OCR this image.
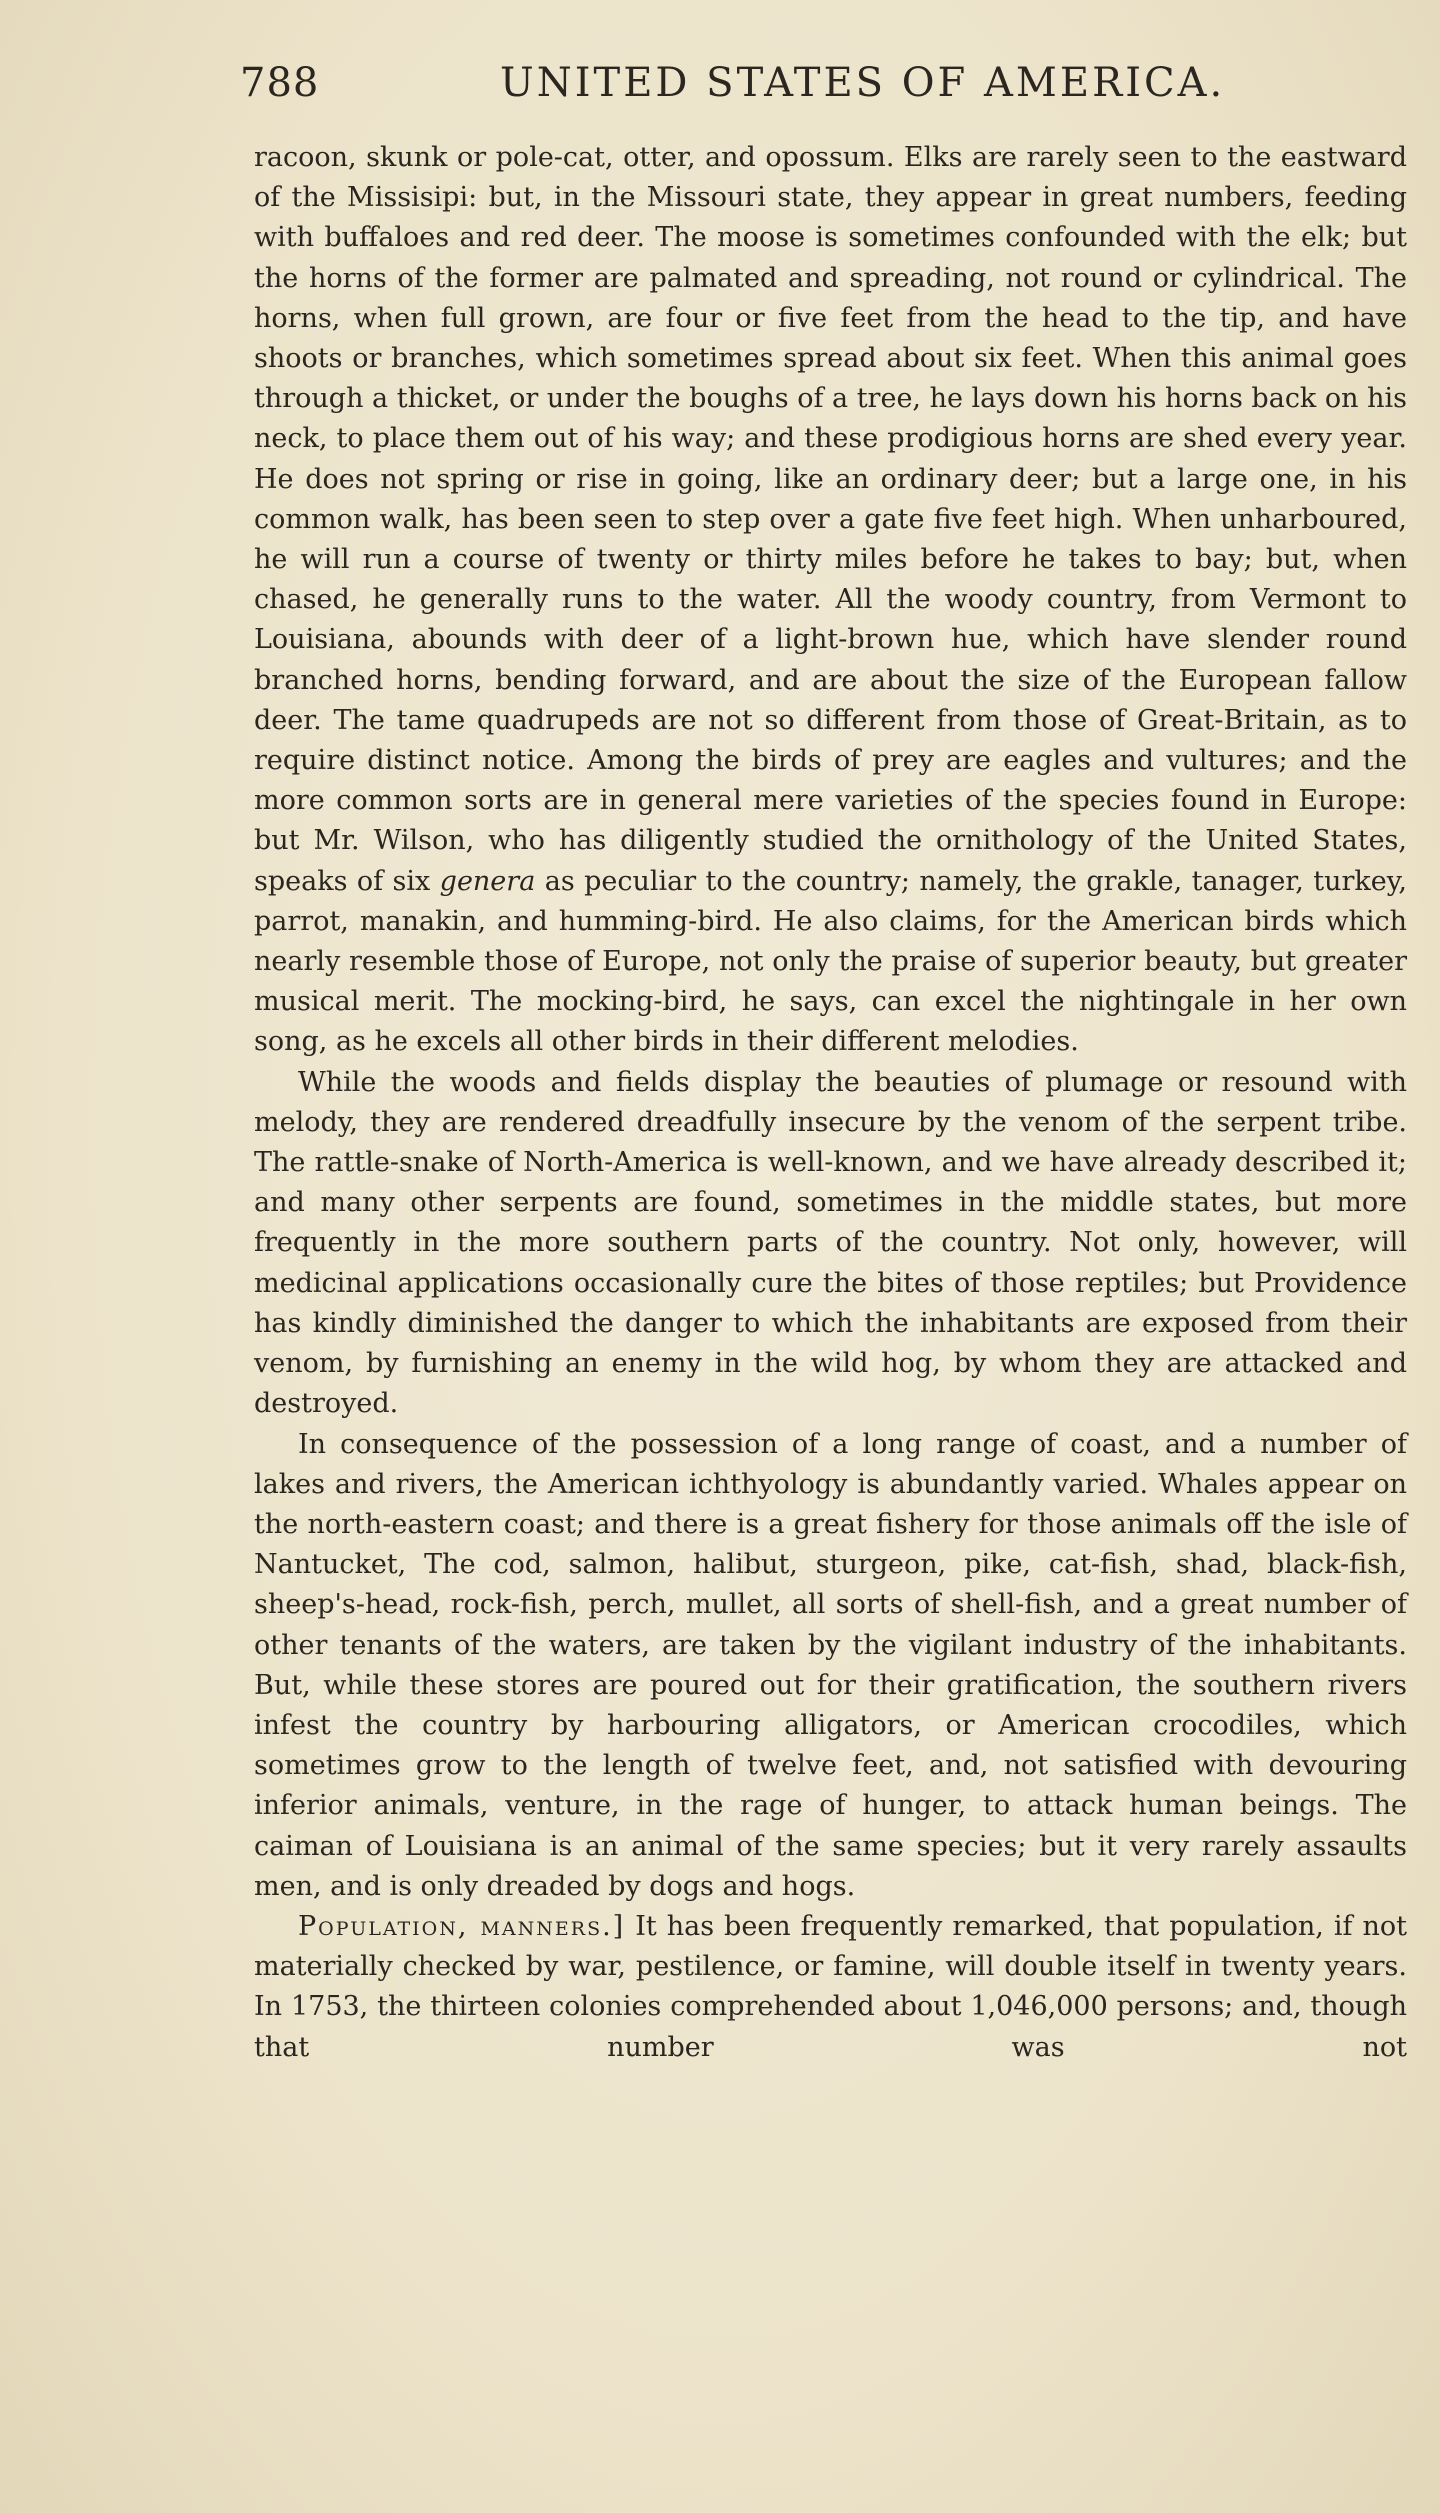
788	UNITED STATES OF AMERICA.

racoon, skunk or pole-cat, otter, and opossum. Elks are rarely seen to the eastward of the Missisipi: but, in the Missouri state, they appear in great numbers, feeding with buffaloes and red deer. The moose is sometimes confounded with the elk; but the horns of the former are palmated and spreading, not round or cylindrical. The horns, when full grown, are four or five feet from the head to the tip, and have shoots or branches, which sometimes spread about six feet. When this animal goes through a thicket, or under the boughs of a tree, he lays down his horns back on his neck, to place them out of his way; and these prodigious horns are shed every year. He does not spring or rise in going, like an ordinary deer; but a large one, in his common walk, has been seen to step over a gate five feet high. When unharboured, he will run a course of twenty or thirty miles before he takes to bay; but, when chased, he generally runs to the water. All the woody country, from Vermont to Louisiana, abounds with deer of a light-brown hue, which have slender round branched horns, bending forward, and are about the size of the European fallow deer. The tame quadrupeds are not so different from those of Great-Britain, as to require distinct notice. Among the birds of prey are eagles and vultures; and the more common sorts are in general mere varieties of the species found in Europe: but Mr. Wilson, who has diligently studied the ornithology of the United States, speaks of six genera as peculiar to the country; namely, the grakle, tanager, turkey, parrot, manakin, and humming-bird. He also claims, for the American birds which nearly resemble those of Europe, not only the praise of superior beauty, but greater musical merit. The mocking-bird, he says, can excel the nightingale in her own song, as he excels all other birds in their different melodies.

While the woods and fields display the beauties of plumage or resound with melody, they are rendered dreadfully insecure by the venom of the serpent tribe. The rattle-snake of North-America is well-known, and we have already described it; and many other serpents are found, sometimes in the middle states, but more frequently in the more southern parts of the country. Not only, however, will medicinal applications occasionally cure the bites of those reptiles; but Providence has kindly diminished the danger to which the inhabitants are exposed from their venom, by furnishing an enemy in the wild hog, by whom they are attacked and destroyed.

In consequence of the possession of a long range of coast, and a number of lakes and rivers, the American ichthyology is abundantly varied. Whales appear on the north-eastern coast; and there is a great fishery for those animals off the isle of Nantucket, The cod, salmon, halibut, sturgeon, pike, cat-fish, shad, black-fish, sheep's-head, rock-fish, perch, mullet, all sorts of shell-fish, and a great number of other tenants of the waters, are taken by the vigilant industry of the inhabitants. But, while these stores are poured out for their gratification, the southern rivers infest the country by harbouring alligators, or American crocodiles, which sometimes grow to the length of twelve feet, and, not satisfied with devouring inferior animals, venture, in the rage of hunger, to attack human beings. The caiman of Louisiana is an animal of the same species; but it very rarely assaults men, and is only dreaded by dogs and hogs.

Population, manners.] It has been frequently remarked, that population, if not materially checked by war, pestilence, or famine, will double itself in twenty years. In 1753, the thirteen colonies comprehended about 1,046,000 persons; and, though that number was not
